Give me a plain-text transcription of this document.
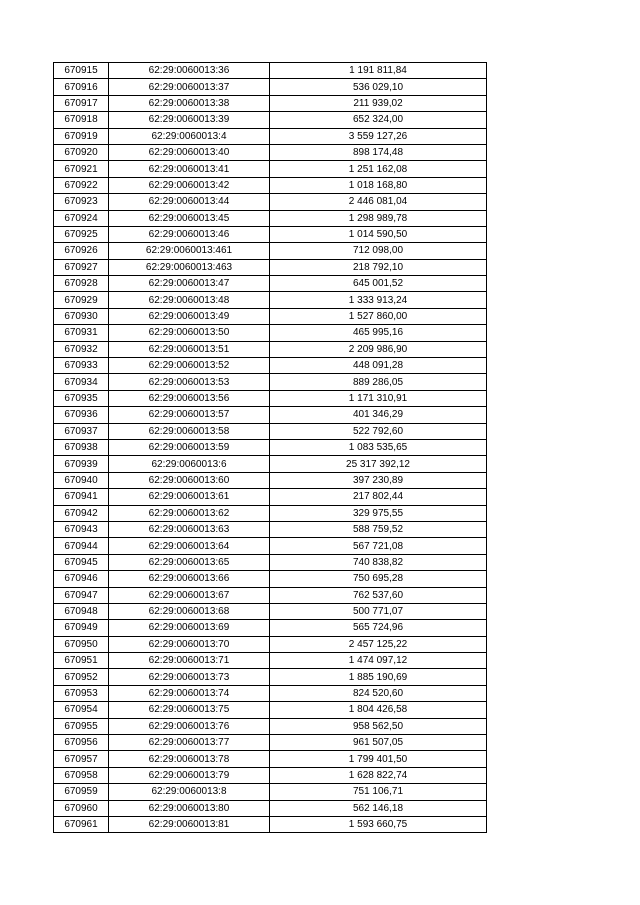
670915	62:29:0060013:36	1 191 811,84
670916	62:29:0060013:37	536 029,10
670917	62:29:0060013:38	211 939,02
670918	62:29:0060013:39	652 324,00
670919	62:29:0060013:4	3 559 127,26
670920	62:29:0060013:40	898 174,48
670921	62:29:0060013:41	1 251 162,08
670922	62:29:0060013:42	1 018 168,80
670923	62:29:0060013:44	2 446 081,04
670924	62:29:0060013:45	1 298 989,78
670925	62:29:0060013:46	1 014 590,50
670926	62:29:0060013:461	712 098,00
670927	62:29:0060013:463	218 792,10
670928	62:29:0060013:47	645 001,52
670929	62:29:0060013:48	1 333 913,24
670930	62:29:0060013:49	1 527 860,00
670931	62:29:0060013:50	465 995,16
670932	62:29:0060013:51	2 209 986,90
670933	62:29:0060013:52	448 091,28
670934	62:29:0060013:53	889 286,05
670935	62:29:0060013:56	1 171 310,91
670936	62:29:0060013:57	401 346,29
670937	62:29:0060013:58	522 792,60
670938	62:29:0060013:59	1 083 535,65
670939	62:29:0060013:6	25 317 392,12
670940	62:29:0060013:60	397 230,89
670941	62:29:0060013:61	217 802,44
670942	62:29:0060013:62	329 975,55
670943	62:29:0060013:63	588 759,52
670944	62:29:0060013:64	567 721,08
670945	62:29:0060013:65	740 838,82
670946	62:29:0060013:66	750 695,28
670947	62:29:0060013:67	762 537,60
670948	62:29:0060013:68	500 771,07
670949	62:29:0060013:69	565 724,96
670950	62:29:0060013:70	2 457 125,22
670951	62:29:0060013:71	1 474 097,12
670952	62:29:0060013:73	1 885 190,69
670953	62:29:0060013:74	824 520,60
670954	62:29:0060013:75	1 804 426,58
670955	62:29:0060013:76	958 562,50
670956	62:29:0060013:77	961 507,05
670957	62:29:0060013:78	1 799 401,50
670958	62:29:0060013:79	1 628 822,74
670959	62:29:0060013:8	751 106,71
670960	62:29:0060013:80	562 146,18
670961	62:29:0060013:81	1 593 660,75
